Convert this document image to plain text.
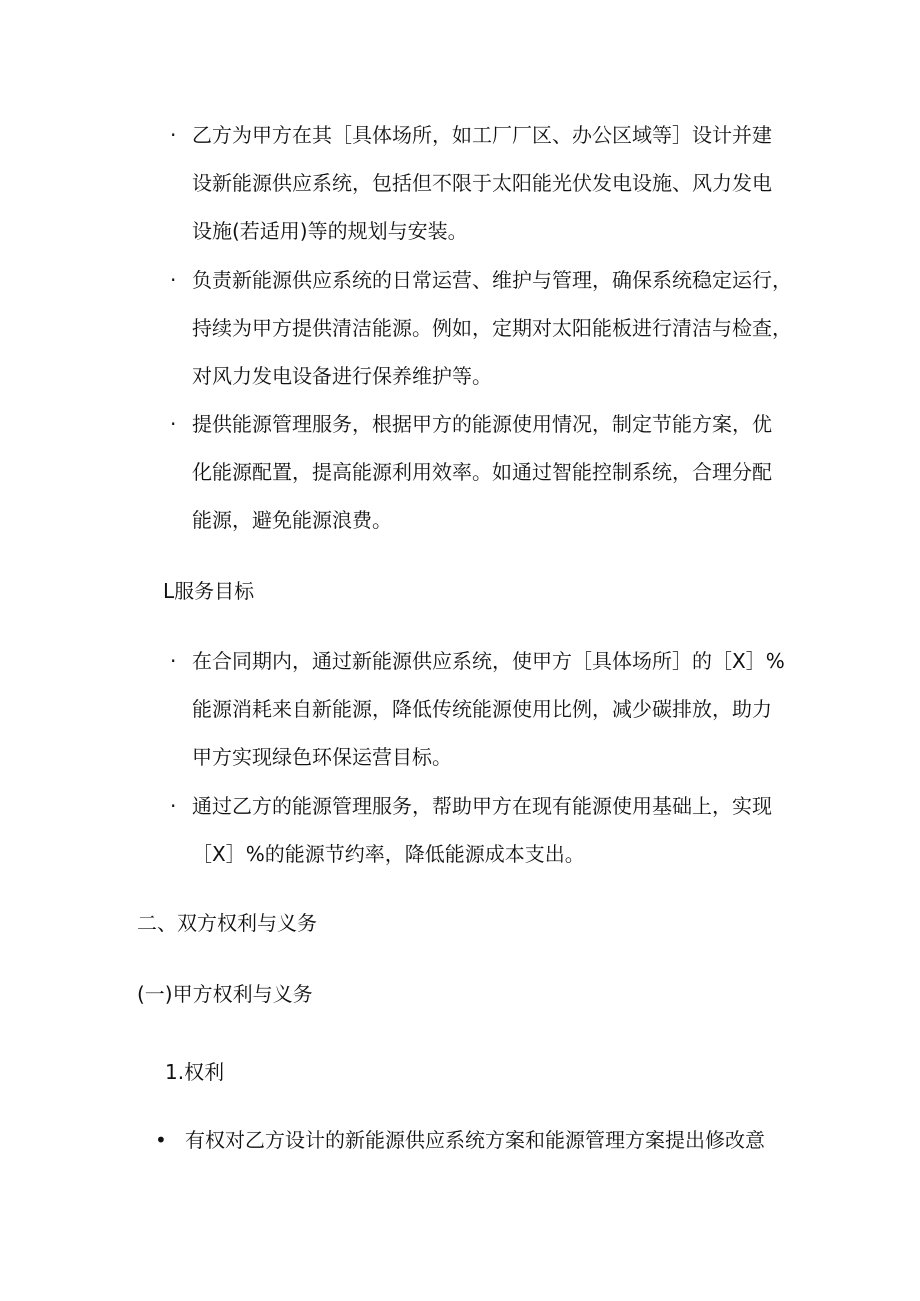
· 乙方为甲方在其［具体场所，如工厂厂区、办公区域等］设计并建
设新能源供应系统，包括但不限于太阳能光伏发电设施、风力发电
设施(若适用)等的规划与安装。
· 负责新能源供应系统的日常运营、维护与管理，确保系统稳定运行，
持续为甲方提供清洁能源。例如，定期对太阳能板进行清洁与检查，
对风力发电设备进行保养维护等。
· 提供能源管理服务，根据甲方的能源使用情况，制定节能方案，优
化能源配置，提高能源利用效率。如通过智能控制系统，合理分配
能源，避免能源浪费。
L服务目标
· 在合同期内，通过新能源供应系统，使甲方［具体场所］的［X］%
能源消耗来自新能源，降低传统能源使用比例，减少碳排放，助力
甲方实现绿色环保运营目标。
· 通过乙方的能源管理服务，帮助甲方在现有能源使用基础上，实现
［X］%的能源节约率，降低能源成本支出。
二、双方权利与义务
(一)甲方权利与义务
1.权利
• 有权对乙方设计的新能源供应系统方案和能源管理方案提出修改意
